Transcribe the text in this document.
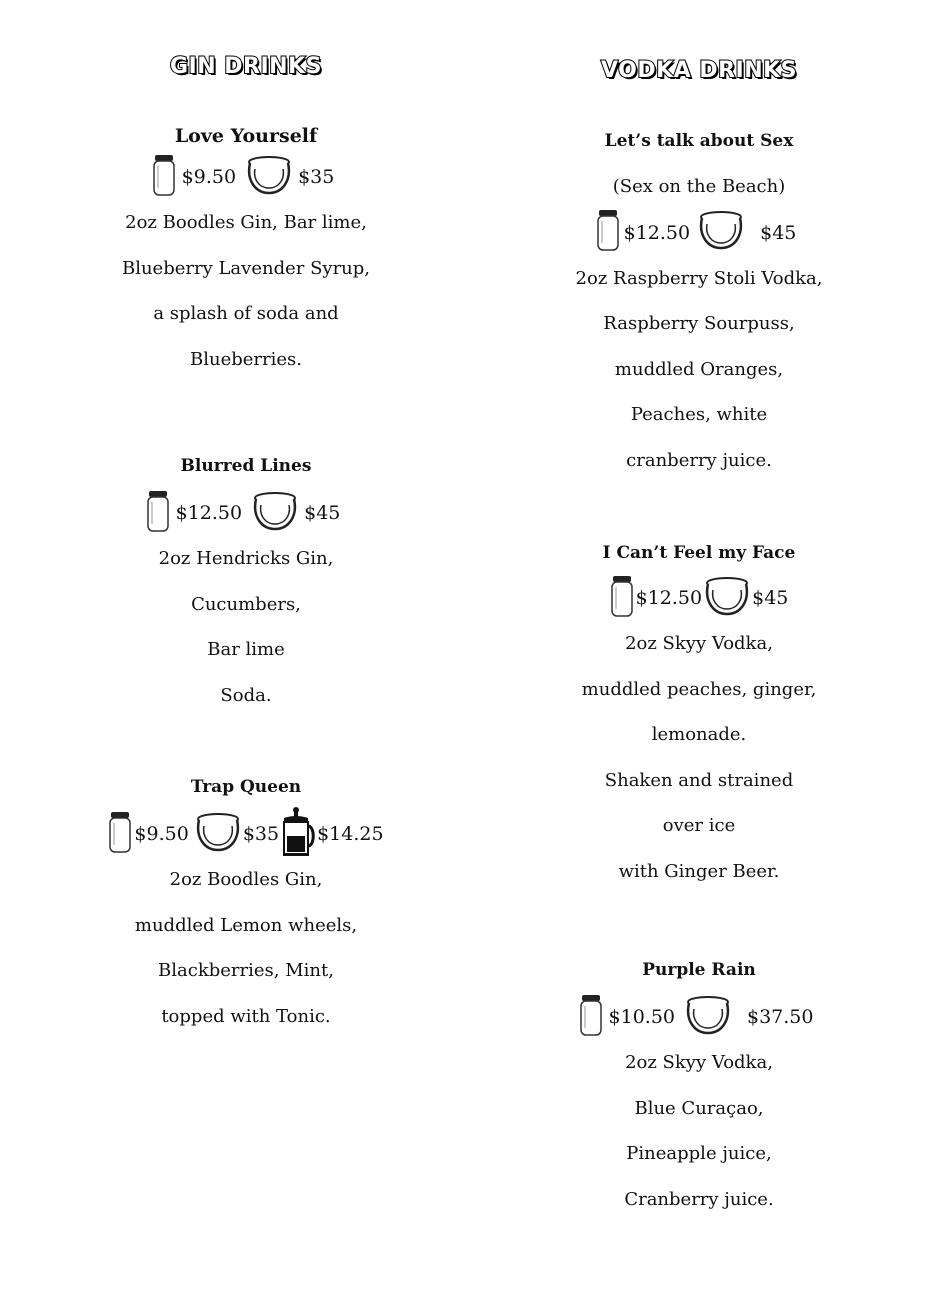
GIN DRINKS
Love Yourself
$9.50	$35
2oz Boodles Gin, Bar lime,
Blueberry Lavender Syrup,
a splash of soda and
Blueberries.
Blurred Lines
$12.50	$45
2oz Hendricks Gin,
Cucumbers,
Bar lime
Soda.
Trap Queen
$9.50	$35 $14.25
2oz Boodles Gin,
muddled Lemon wheels,
Blackberries, Mint,
topped with Tonic.
VODKA DRINKS
Let’s talk about Sex
(Sex on the Beach)
$12.50	$45
2oz Raspberry Stoli Vodka,
Raspberry Sourpuss,
muddled Oranges,
Peaches, white
cranberry juice.
I Can’t Feel my Face
$12.50	$45
2oz Skyy Vodka,
muddled peaches, ginger,
lemonade.
Shaken and strained
over ice
with Ginger Beer.
Purple Rain
$10.50	$37.50
2oz Skyy Vodka,
Blue Curaçao,
Pineapple juice,
Cranberry juice.
